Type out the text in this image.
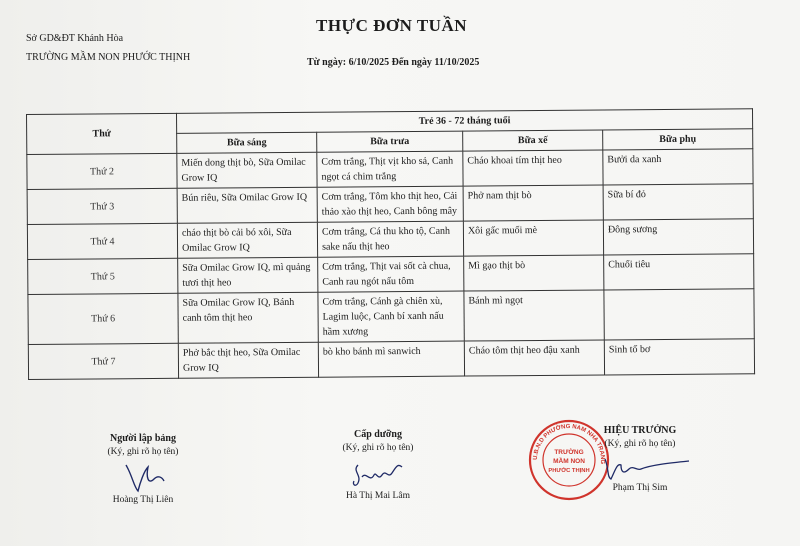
Sở GD&ĐT Khánh Hòa
TRƯỜNG MẦM NON PHƯỚC THỊNH
THỰC ĐƠN TUẦN
Từ ngày: 6/10/2025 Đến ngày 11/10/2025
Thứ	Trẻ 36 - 72 tháng tuổi			
	Bữa sáng	Bữa trưa	Bữa xế	Bữa phụ
Thứ 2	Miến dong thịt bò, Sữa Omilac Grow IQ	Cơm trắng, Thịt vịt kho sả, Canh ngọt cá chim trắng	Cháo khoai tím thịt heo	Bưởi da xanh
Thứ 3	Bún riêu, Sữa Omilac Grow IQ	Cơm trắng, Tôm kho thịt heo, Cải thảo xào thịt heo, Canh bông mây	Phở nam thịt bò	Sữa bí đỏ
Thứ 4	cháo thịt bò cải bó xôi, Sữa Omilac Grow IQ	Cơm trắng, Cá thu kho tộ, Canh sake nấu thịt heo	Xôi gấc muối mè	Đông sương
Thứ 5	Sữa Omilac Grow IQ, mì quảng tươi thịt heo	Cơm trắng, Thịt vai sốt cà chua, Canh rau ngót nấu tôm	Mì gạo thịt bò	Chuối tiêu
Thứ 6	Sữa Omilac Grow IQ, Bánh canh tôm thịt heo	Cơm trắng, Cánh gà chiên xù, Lagim luộc, Canh bí xanh nấu hầm xương	Bánh mì ngọt	
Thứ 7	Phở bắc thịt heo, Sữa Omilac Grow IQ	bò kho bánh mì sanwich	Cháo tôm thịt heo đậu xanh	Sinh tố bơ
Người lập bảng
(Ký, ghi rõ họ tên)
Hoàng Thị Liên
Cấp dưỡng
(Ký, ghi rõ họ tên)
Hà Thị Mai Lâm
U.B.N.D PHƯỜNG NAM NHA TRANG
TRƯỜNG
MẦM NON
PHƯỚC THỊNH
HIỆU TRƯỞNG
(Ký, ghi rõ họ tên)
Phạm Thị Sim
